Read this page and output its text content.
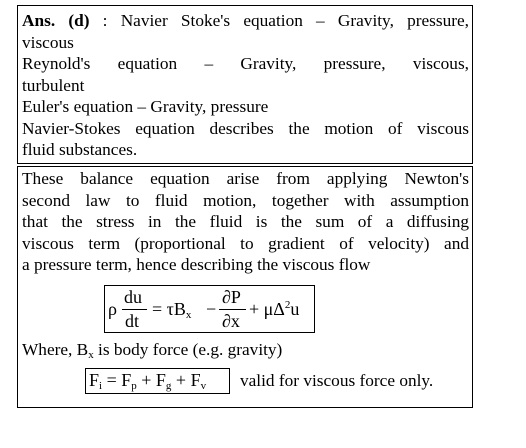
Ans. (d) : Navier Stoke's equation – Gravity, pressure,
viscous
Reynold's equation – Gravity, pressure, viscous,
turbulent
Euler's equation – Gravity, pressure
Navier-Stokes equation describes the motion of viscous
fluid substances.
These balance equation arise from applying Newton's
second law to fluid motion, together with assumption
that the stress in the fluid is the sum of a diffusing
viscous term (proportional to gradient of velocity) and
a pressure term, hence describing the viscous flow
ρ
du
dt
= $\tau B_x$ −
∂P
∂x
+ $\mu\Delta^2u$
Where, $B_x$ is body force (e.g. gravity)
$F_i = F_p + F_g + F_v$	valid for viscous force only.
